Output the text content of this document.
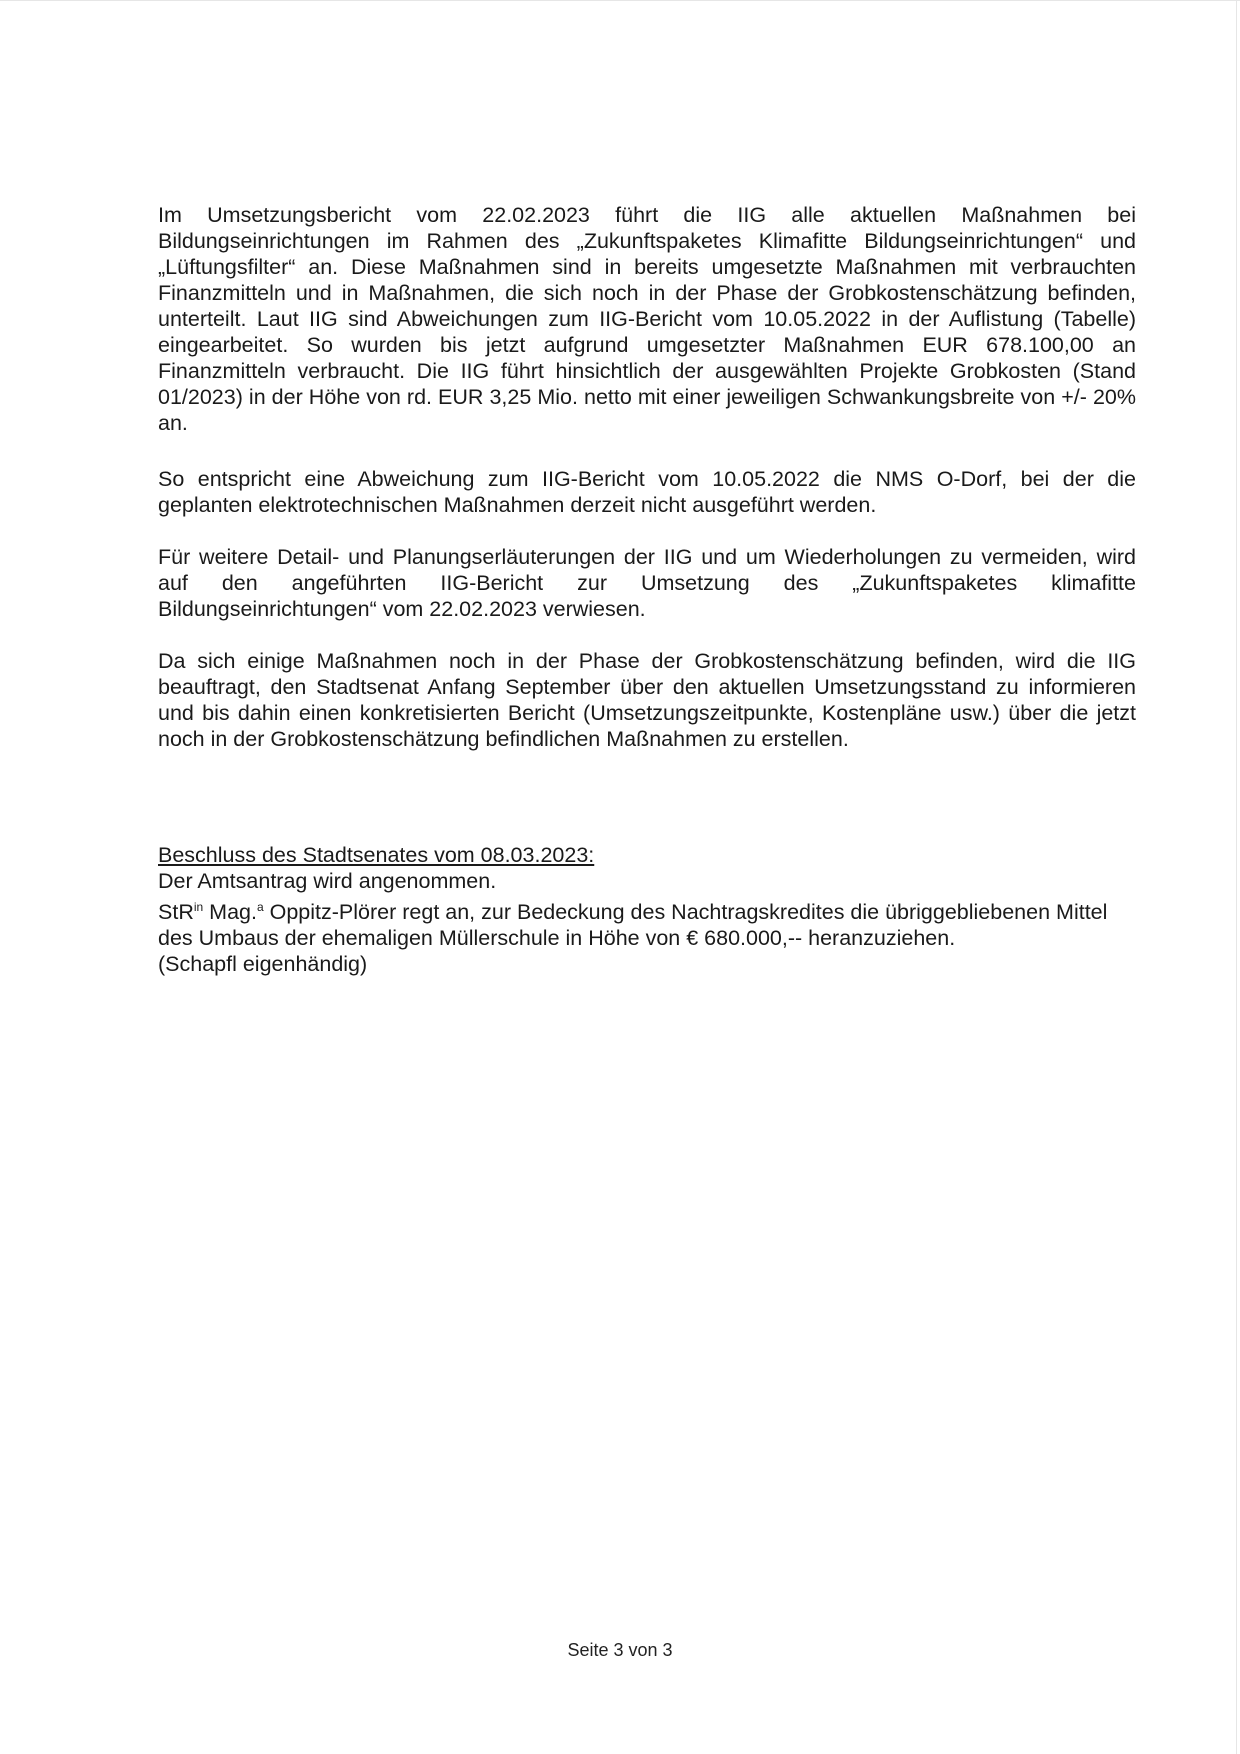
Im Umsetzungsbericht vom 22.02.2023 führt die IIG alle aktuellen Maßnahmen bei Bildungseinrichtungen im Rahmen des „Zukunftspaketes Klimafitte Bildungseinrichtungen“ und „Lüftungsfilter“ an. Diese Maßnahmen sind in bereits umgesetzte Maßnahmen mit verbrauchten Finanzmitteln und in Maßnahmen, die sich noch in der Phase der Grobkostenschätzung befinden, unterteilt. Laut IIG sind Abweichungen zum IIG-Bericht vom 10.05.2022 in der Auflistung (Tabelle) eingearbeitet. So wurden bis jetzt aufgrund umgesetzter Maßnahmen EUR 678.100,00 an Finanzmitteln verbraucht. Die IIG führt hinsichtlich der ausgewählten Projekte Grobkosten (Stand 01/2023) in der Höhe von rd. EUR 3,25 Mio. netto mit einer jeweiligen Schwankungsbreite von +/- 20% an.

So entspricht eine Abweichung zum IIG-Bericht vom 10.05.2022 die NMS O-Dorf, bei der die geplanten elektrotechnischen Maßnahmen derzeit nicht ausgeführt werden.

Für weitere Detail- und Planungserläuterungen der IIG und um Wiederholungen zu vermeiden, wird auf den angeführten IIG-Bericht zur Umsetzung des „Zukunftspaketes klimafitte Bildungseinrichtungen“ vom 22.02.2023 verwiesen.

Da sich einige Maßnahmen noch in der Phase der Grobkostenschätzung befinden, wird die IIG beauftragt, den Stadtsenat Anfang September über den aktuellen Umsetzungsstand zu informieren und bis dahin einen konkretisierten Bericht (Umsetzungszeitpunkte, Kostenpläne usw.) über die jetzt noch in der Grobkostenschätzung befindlichen Maßnahmen zu erstellen.

Beschluss des Stadtsenates vom 08.03.2023:
Der Amtsantrag wird angenommen.
StR$^{in}$ Mag.$^a$ Oppitz-Plörer regt an, zur Bedeckung des Nachtragskredites die übriggebliebenen Mittel des Umbaus der ehemaligen Müllerschule in Höhe von € 680.000,-- heranzuziehen.
(Schapfl eigenhändig)
Seite 3 von 3
